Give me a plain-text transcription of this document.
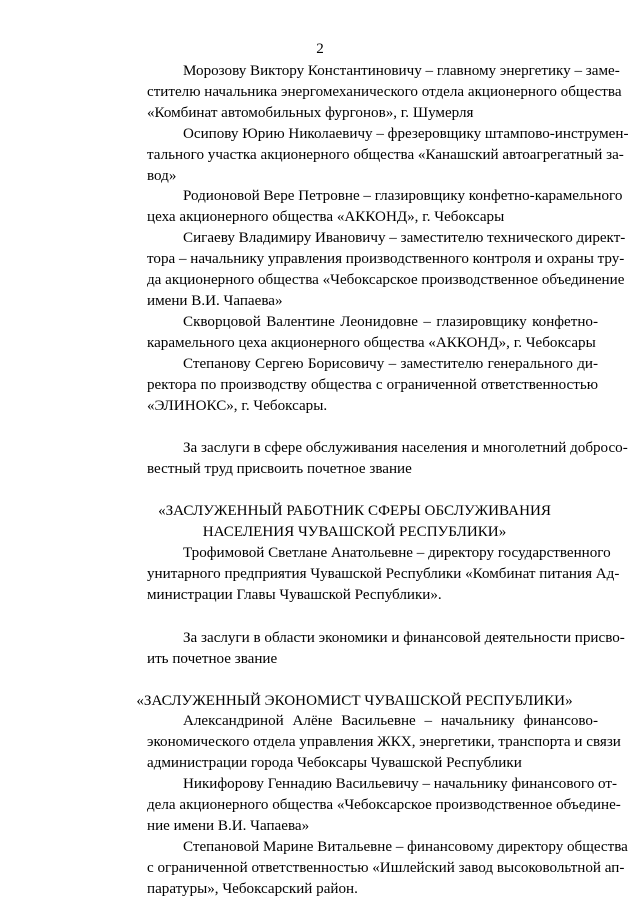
2
Морозову Виктору Константиновичу – главному энергетику – заме-
стителю начальника энергомеханического отдела акционерного общества
«Комбинат автомобильных фургонов», г. Шумерля
Осипову Юрию Николаевичу – фрезеровщику штампово-инструмен-
тального участка акционерного общества «Канашский автоагрегатный за-
вод»
Родионовой Вере Петровне – глазировщику конфетно-карамельного
цеха акционерного общества «АККОНД», г. Чебоксары
Сигаеву Владимиру Ивановичу – заместителю технического директ-
тора – начальнику управления производственного контроля и охраны тру-
да акционерного общества «Чебоксарское производственное объединение
имени В.И. Чапаева»
Скворцовой Валентине Леонидовне – глазировщику конфетно-
карамельного цеха акционерного общества «АККОНД», г. Чебоксары
Степанову Сергею Борисовичу – заместителю генерального ди-
ректора по производству общества с ограниченной ответственностью
«ЭЛИНОКС», г. Чебоксары.
За заслуги в сфере обслуживания населения и многолетний добросо-
вестный труд присвоить почетное звание
«ЗАСЛУЖЕННЫЙ РАБОТНИК СФЕРЫ ОБСЛУЖИВАНИЯ
НАСЕЛЕНИЯ ЧУВАШСКОЙ РЕСПУБЛИКИ»
Трофимовой Светлане Анатольевне – директору государственного
унитарного предприятия Чувашской Республики «Комбинат питания Ад-
министрации Главы Чувашской Республики».
За заслуги в области экономики и финансовой деятельности присво-
ить почетное звание
«ЗАСЛУЖЕННЫЙ ЭКОНОМИСТ ЧУВАШСКОЙ РЕСПУБЛИКИ»
Александриной Алёне Васильевне – начальнику финансово-
экономического отдела управления ЖКХ, энергетики, транспорта и связи
администрации города Чебоксары Чувашской Республики
Никифорову Геннадию Васильевичу – начальнику финансового от-
дела акционерного общества «Чебоксарское производственное объедине-
ние имени В.И. Чапаева»
Степановой Марине Витальевне – финансовому директору общества
с ограниченной ответственностью «Ишлейский завод высоковольтной ап-
паратуры», Чебоксарский район.
